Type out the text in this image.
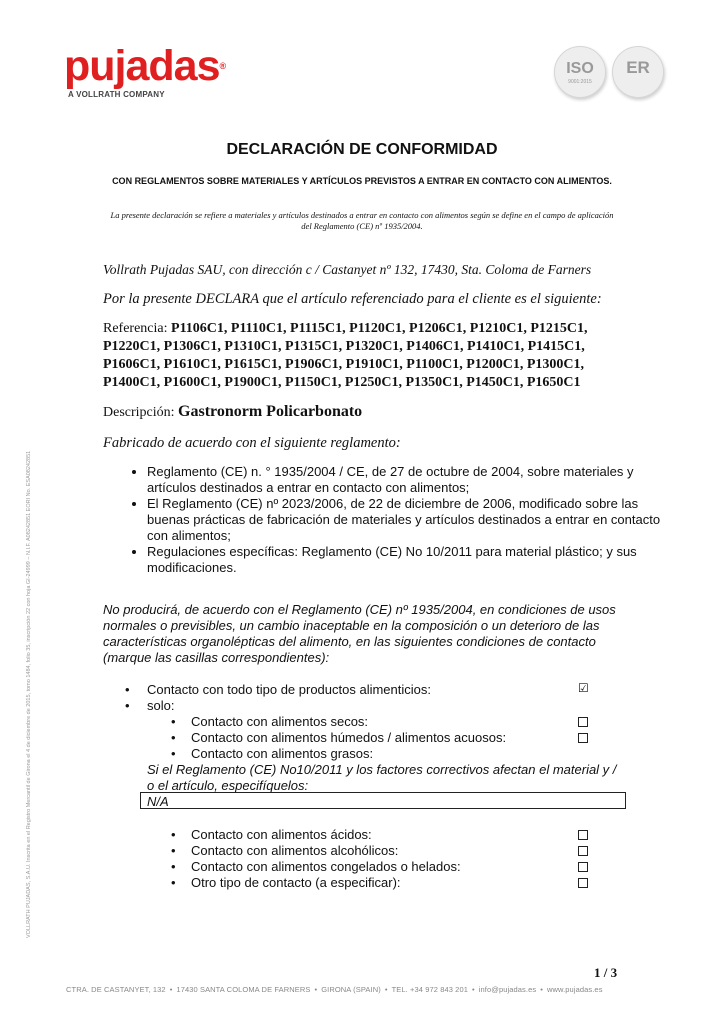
pujadas®
A VOLLRATH COMPANY
ISO
9001:2015
ER
VOLLRATH PUJADAS, S.A.U. Inscrita en el Registro Mercantil de Girona el 4 de diciembre de 2015, tomo 1484, folio 35, inscripción 22 con hoja GI-24999 – N.I.F. A08242851 EORI No. ESA08242851
DECLARACIÓN DE CONFORMIDAD
CON REGLAMENTOS SOBRE MATERIALES Y ARTÍCULOS PREVISTOS A ENTRAR EN CONTACTO CON ALIMENTOS.
La presente declaración se refiere a materiales y artículos destinados a entrar en contacto con alimentos según se define en el campo de aplicación del Reglamento (CE) nº 1935/2004.
Vollrath Pujadas SAU, con dirección c / Castanyet nº 132, 17430, Sta. Coloma de Farners
Por la presente DECLARA que el artículo referenciado para el cliente es el siguiente:
Referencia: P1106C1, P1110C1, P1115C1, P1120C1, P1206C1, P1210C1, P1215C1, P1220C1, P1306C1, P1310C1, P1315C1, P1320C1, P1406C1, P1410C1, P1415C1, P1606C1, P1610C1, P1615C1, P1906C1, P1910C1, P1100C1, P1200C1, P1300C1, P1400C1, P1600C1, P1900C1, P1150C1, P1250C1, P1350C1, P1450C1, P1650C1
Descripción: Gastronorm Policarbonato
Fabricado de acuerdo con el siguiente reglamento:
• Reglamento (CE) n. ° 1935/2004 / CE, de 27 de octubre de 2004, sobre materiales y artículos destinados a entrar en contacto con alimentos;
• El Reglamento (CE) nº 2023/2006, de 22 de diciembre de 2006, modificado sobre las buenas prácticas de fabricación de materiales y artículos destinados a entrar en contacto con alimentos;
• Regulaciones específicas: Reglamento (CE) No 10/2011 para material plástico; y sus modificaciones.
No producirá, de acuerdo con el Reglamento (CE) nº 1935/2004, en condiciones de usos normales o previsibles, un cambio inaceptable en la composición o un deterioro de las características organolépticas del alimento, en las siguientes condiciones de contacto (marque las casillas correspondientes):
• Contacto con todo tipo de productos alimenticios:	☑
• solo:
• Contacto con alimentos secos:
• Contacto con alimentos húmedos / alimentos acuosos:
• Contacto con alimentos grasos:
Si el Reglamento (CE) No10/2011 y los factores correctivos afectan el material y / o el artículo, especifíquelos:
N/A
• Contacto con alimentos ácidos:
• Contacto con alimentos alcohólicos:
• Contacto con alimentos congelados o helados:
• Otro tipo de contacto (a especificar):
1 / 3
CTRA. DE CASTANYET, 132 • 17430 SANTA COLOMA DE FARNERS • GIRONA (SPAIN) • TEL. +34 972 843 201 • info@pujadas.es • www.pujadas.es
